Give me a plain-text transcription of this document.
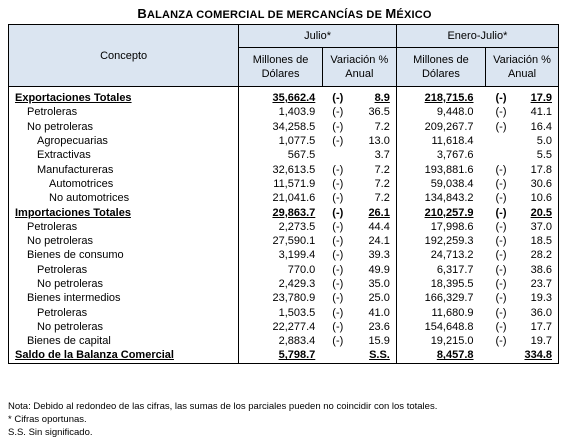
BALANZA COMERCIAL DE MERCANCÍAS DE MÉXICO
Concepto	Julio*		Enero-Julio*	
	Millones de Dólares	Variación % Anual	Millones de Dólares	Variación % Anual
Exportaciones Totales	35,662.4	(-) 8.9	218,715.6	(-) 17.9

Petroleras	1,403.9	(-) 36.5	9,448.0	(-) 41.1

No petroleras	34,258.5	(-) 7.2	209,267.7	(-) 16.4

Agropecuarias	1,077.5	(-) 13.0	11,618.4	5.0

Extractivas	567.5	3.7	3,767.6	5.5

Manufactureras	32,613.5	(-) 7.2	193,881.6	(-) 17.8

Automotrices	11,571.9	(-) 7.2	59,038.4	(-) 30.6

No automotrices	21,041.6	(-) 7.2	134,843.2	(-) 10.6

Importaciones Totales	29,863.7	(-) 26.1	210,257.9	(-) 20.5

Petroleras	2,273.5	(-) 44.4	17,998.6	(-) 37.0

No petroleras	27,590.1	(-) 24.1	192,259.3	(-) 18.5

Bienes de consumo	3,199.4	(-) 39.3	24,713.2	(-) 28.2

Petroleras	770.0	(-) 49.9	6,317.7	(-) 38.6

No petroleras	2,429.3	(-) 35.0	18,395.5	(-) 23.7

Bienes intermedios	23,780.9	(-) 25.0	166,329.7	(-) 19.3

Petroleras	1,503.5	(-) 41.0	11,680.9	(-) 36.0

No petroleras	22,277.4	(-) 23.6	154,648.8	(-) 17.7

Bienes de capital	2,883.4	(-) 15.9	19,215.0	(-) 19.7

Saldo de la Balanza Comercial	5,798.7	S.S.	8,457.8	334.8
Nota: Debido al redondeo de las cifras, las sumas de los parciales pueden no coincidir con los totales.
* Cifras oportunas.
S.S. Sin significado.
